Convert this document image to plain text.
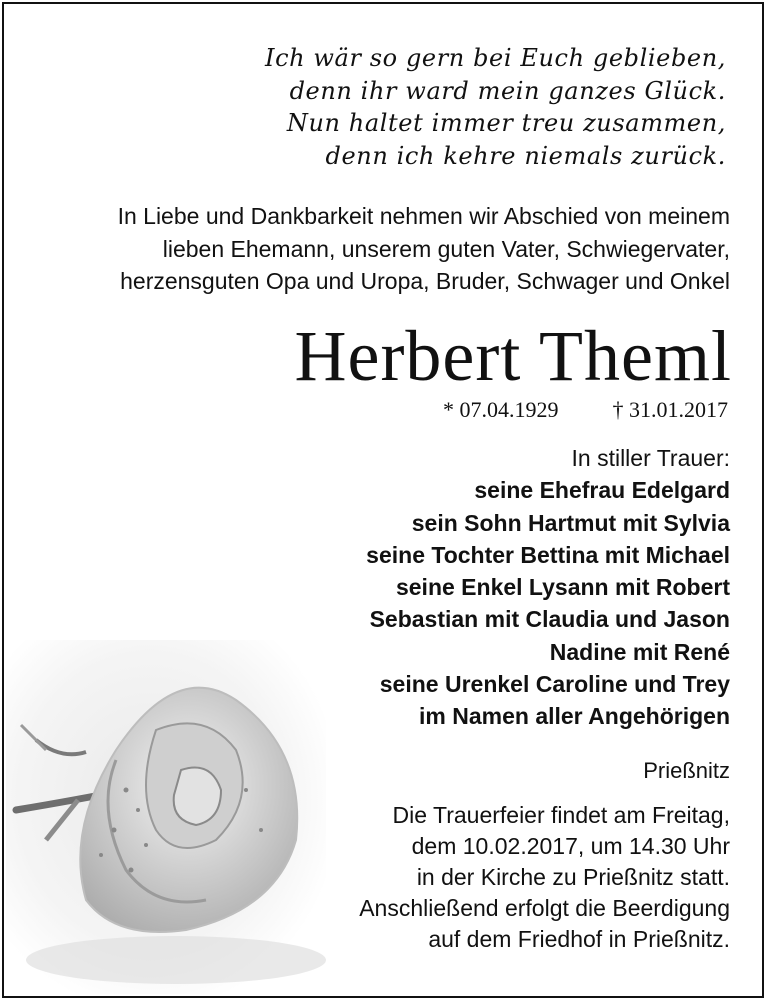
Ich wär so gern bei Euch geblieben,
denn ihr ward mein ganzes Glück.
Nun haltet immer treu zusammen,
denn ich kehre niemals zurück.
In Liebe und Dankbarkeit nehmen wir Abschied von meinem
lieben Ehemann, unserem guten Vater, Schwiegervater,
herzensguten Opa und Uropa, Bruder, Schwager und Onkel
Herbert Theml
* 07.04.1929 † 31.01.2017
In stiller Trauer:
seine Ehefrau Edelgard
sein Sohn Hartmut mit Sylvia
seine Tochter Bettina mit Michael
seine Enkel Lysann mit Robert
Sebastian mit Claudia und Jason
Nadine mit René
seine Urenkel Caroline und Trey
im Namen aller Angehörigen
Prießnitz
Die Trauerfeier findet am Freitag,
dem 10.02.2017, um 14.30 Uhr
in der Kirche zu Prießnitz statt.
Anschließend erfolgt die Beerdigung
auf dem Friedhof in Prießnitz.
